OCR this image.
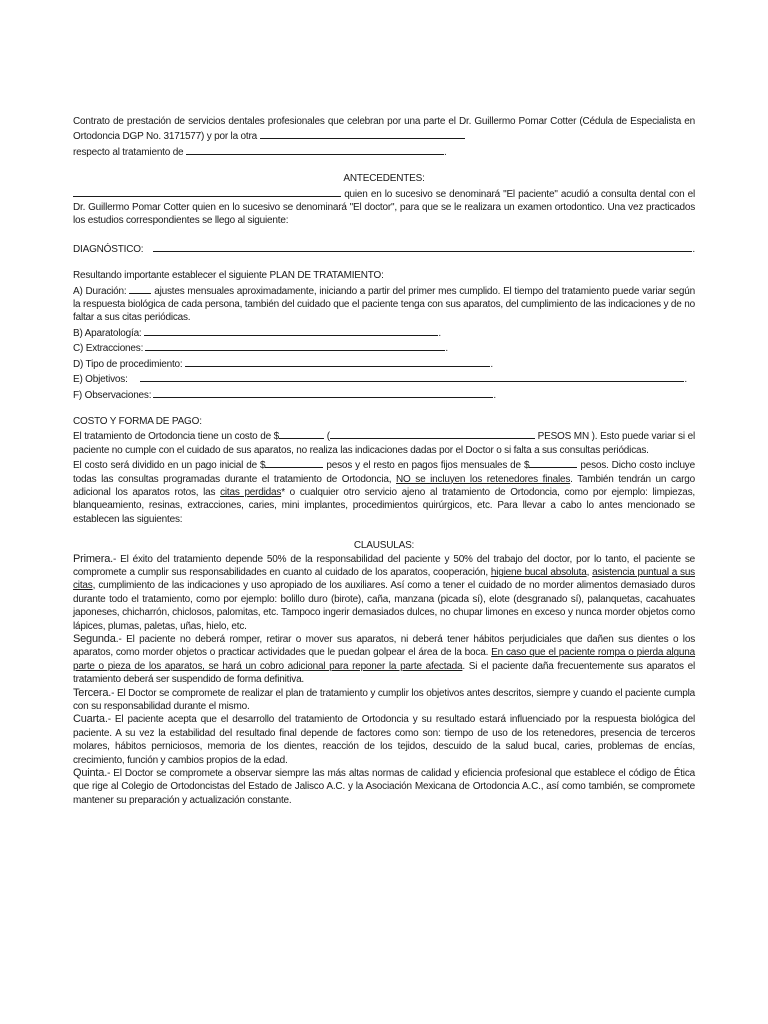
Contrato de prestación de servicios dentales profesionales que celebran por una parte el Dr. Guillermo Pomar Cotter (Cédula de Especialista en Ortodoncia DGP No. 3171577) y por la otra
respecto al tratamiento de	.

ANTECEDENTES:

quien en lo sucesivo se denominará "El paciente" acudió a consulta dental con el Dr. Guillermo Pomar Cotter quien en lo sucesivo se denominará "El doctor", para que se le realizara un examen ortodontico. Una vez practicados los estudios correspondientes se llego al siguiente:

DIAGNÓSTICO:	.

Resultando importante establecer el siguiente PLAN DE TRATAMIENTO:

A) Duración:	ajustes mensuales aproximadamente, iniciando a partir del primer mes cumplido. El tiempo del tratamiento puede variar según la respuesta biológica de cada persona, también del cuidado que el paciente tenga con sus aparatos, del cumplimiento de las indicaciones y de no faltar a sus citas periódicas.

B) Aparatología:	.

C) Extracciones:	.

D) Tipo de procedimiento:	.

E) Objetivos:	.

F) Observaciones:	.

COSTO Y FORMA DE PAGO:

El tratamiento de Ortodoncia tiene un costo de $	(	PESOS MN ). Esto puede variar si el paciente no cumple con el cuidado de sus aparatos, no realiza las indicaciones dadas por el Doctor o si falta a sus consultas periódicas.

El costo será dividido en un pago inicial de $	pesos y el resto en pagos fijos mensuales de $	pesos. Dicho costo incluye todas las consultas programadas durante el tratamiento de Ortodoncia, NO se incluyen los retenedores finales. También tendrán un cargo adicional los aparatos rotos, las citas perdidas* o cualquier otro servicio ajeno al tratamiento de Ortodoncia, como por ejemplo: limpiezas, blanqueamiento, resinas, extracciones, caries, mini implantes, procedimientos quirúrgicos, etc. Para llevar a cabo lo antes mencionado se establecen las siguientes:

CLAUSULAS:

Primera.- El éxito del tratamiento depende 50% de la responsabilidad del paciente y 50% del trabajo del doctor, por lo tanto, el paciente se compromete a cumplir sus responsabilidades en cuanto al cuidado de los aparatos, cooperación, higiene bucal absoluta, asistencia puntual a sus citas, cumplimiento de las indicaciones y uso apropiado de los auxiliares. Así como a tener el cuidado de no morder alimentos demasiado duros durante todo el tratamiento, como por ejemplo: bolillo duro (birote), caña, manzana (picada sí), elote (desgranado sí), palanquetas, cacahuates japoneses, chicharrón, chiclosos, palomitas, etc. Tampoco ingerir demasiados dulces, no chupar limones en exceso y nunca morder objetos como lápices, plumas, paletas, uñas, hielo, etc.

Segunda.- El paciente no deberá romper, retirar o mover sus aparatos, ni deberá tener hábitos perjudiciales que dañen sus dientes o los aparatos, como morder objetos o practicar actividades que le puedan golpear el área de la boca. En caso que el paciente rompa o pierda alguna parte o pieza de los aparatos, se hará un cobro adicional para reponer la parte afectada. Si el paciente daña frecuentemente sus aparatos el tratamiento deberá ser suspendido de forma definitiva.

Tercera.- El Doctor se compromete de realizar el plan de tratamiento y cumplir los objetivos antes descritos, siempre y cuando el paciente cumpla con su responsabilidad durante el mismo.

Cuarta.- El paciente acepta que el desarrollo del tratamiento de Ortodoncia y su resultado estará influenciado por la respuesta biológica del paciente. A su vez la estabilidad del resultado final depende de factores como son: tiempo de uso de los retenedores, presencia de terceros molares, hábitos perniciosos, memoria de los dientes, reacción de los tejidos, descuido de la salud bucal, caries, problemas de encías, crecimiento, función y cambios propios de la edad.

Quinta.- El Doctor se compromete a observar siempre las más altas normas de calidad y eficiencia profesional que establece el código de Ética que rige al Colegio de Ortodoncistas del Estado de Jalisco A.C. y la Asociación Mexicana de Ortodoncia A.C., así como también, se compromete mantener su preparación y actualización constante.
